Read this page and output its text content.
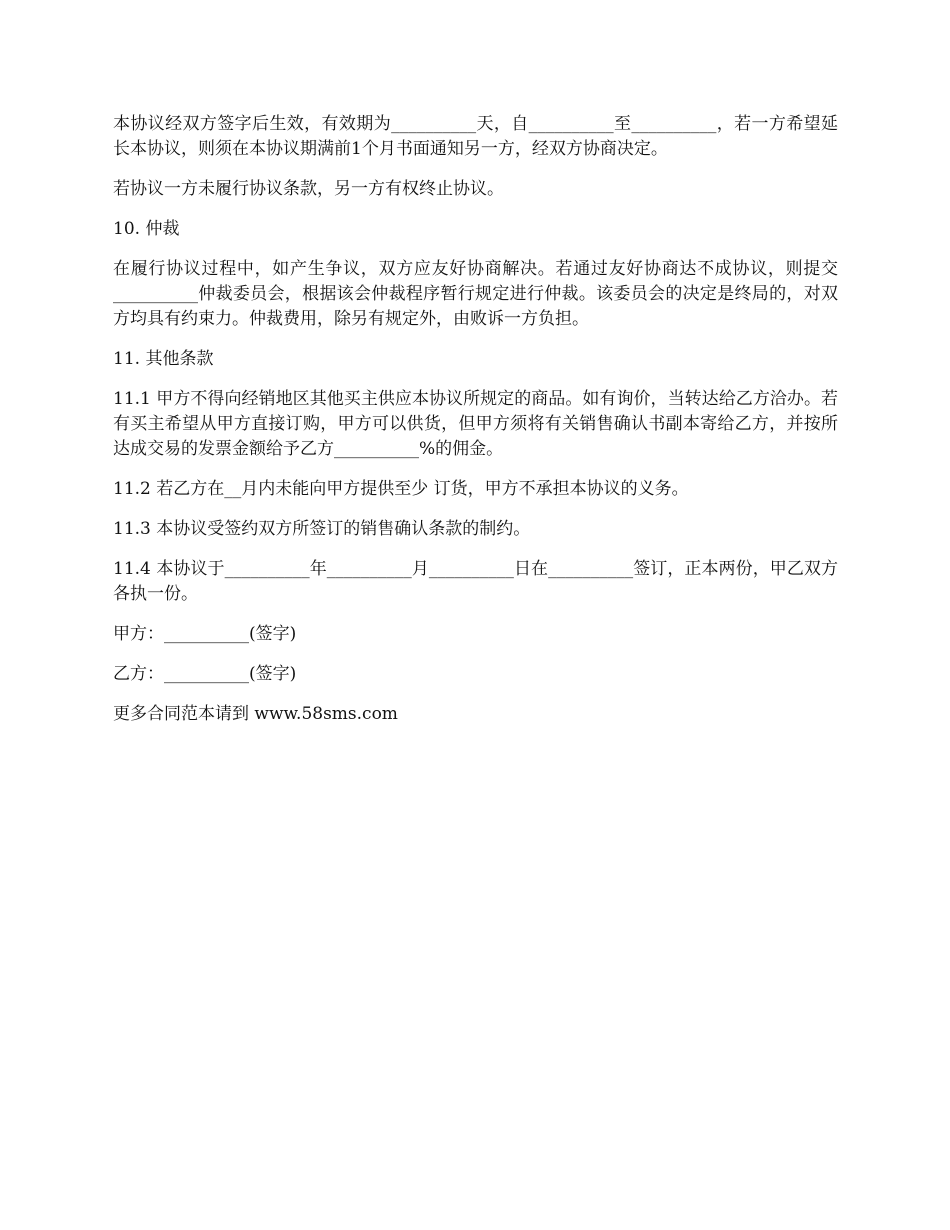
本协议经双方签字后生效，有效期为__________天，自__________至__________，若一方希望延长本协议，则须在本协议期满前1个月书面通知另一方，经双方协商决定。

若协议一方未履行协议条款，另一方有权终止协议。

10. 仲裁

在履行协议过程中，如产生争议，双方应友好协商解决。若通过友好协商达不成协议，则提交__________仲裁委员会，根据该会仲裁程序暂行规定进行仲裁。该委员会的决定是终局的，对双方均具有约束力。仲裁费用，除另有规定外，由败诉一方负担。

11. 其他条款

11.1 甲方不得向经销地区其他买主供应本协议所规定的商品。如有询价，当转达给乙方洽办。若有买主希望从甲方直接订购，甲方可以供货，但甲方须将有关销售确认书副本寄给乙方，并按所达成交易的发票金额给予乙方__________%的佣金。

11.2 若乙方在__月内未能向甲方提供至少 订货，甲方不承担本协议的义务。

11.3 本协议受签约双方所签订的销售确认条款的制约。

11.4 本协议于__________年__________月__________日在__________签订，正本两份，甲乙双方各执一份。

甲方：__________(签字)

乙方：__________(签字)

更多合同范本请到 www.58sms.com
